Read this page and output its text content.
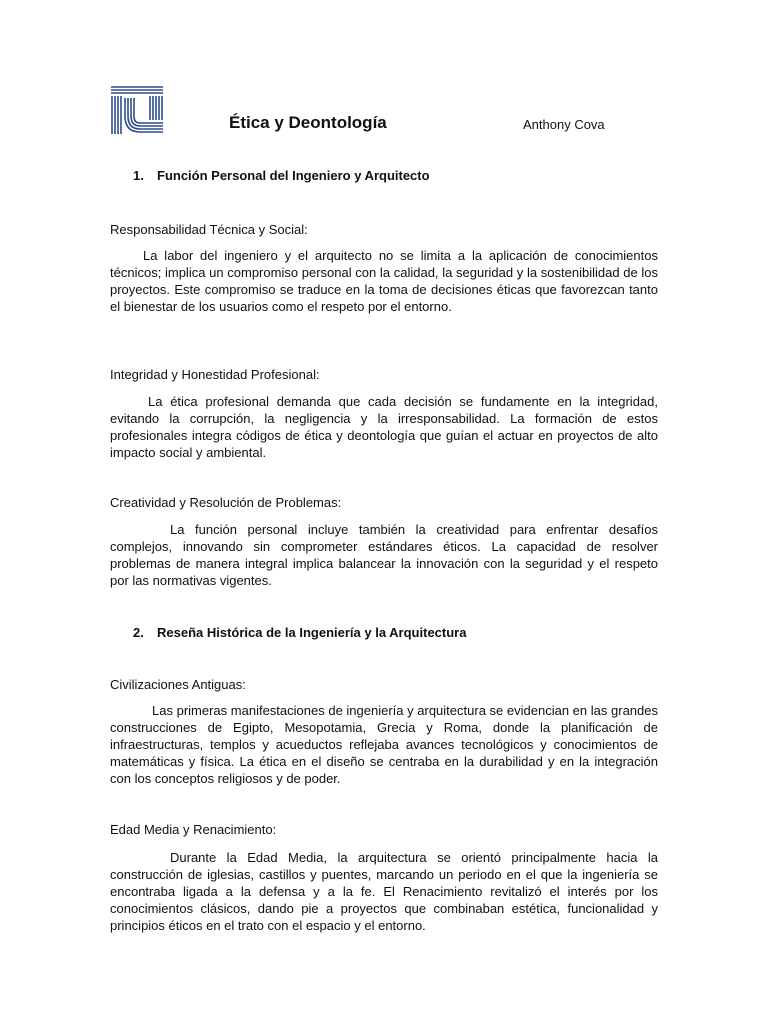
Ética y Deontología	Anthony Cova
1. Función Personal del Ingeniero y Arquitecto
Responsabilidad Técnica y Social:
La labor del ingeniero y el arquitecto no se limita a la aplicación de conocimientos técnicos; implica un compromiso personal con la calidad, la seguridad y la sostenibilidad de los proyectos. Este compromiso se traduce en la toma de decisiones éticas que favorezcan tanto el bienestar de los usuarios como el respeto por el entorno.
Integridad y Honestidad Profesional:
La ética profesional demanda que cada decisión se fundamente en la integridad, evitando la corrupción, la negligencia y la irresponsabilidad. La formación de estos profesionales integra códigos de ética y deontología que guían el actuar en proyectos de alto impacto social y ambiental.
Creatividad y Resolución de Problemas:
La función personal incluye también la creatividad para enfrentar desafíos complejos, innovando sin comprometer estándares éticos. La capacidad de resolver problemas de manera integral implica balancear la innovación con la seguridad y el respeto por las normativas vigentes.
2. Reseña Histórica de la Ingeniería y la Arquitectura
Civilizaciones Antiguas:
Las primeras manifestaciones de ingeniería y arquitectura se evidencian en las grandes construcciones de Egipto, Mesopotamia, Grecia y Roma, donde la planificación de infraestructuras, templos y acueductos reflejaba avances tecnológicos y conocimientos de matemáticas y física. La ética en el diseño se centraba en la durabilidad y en la integración con los conceptos religiosos y de poder.
Edad Media y Renacimiento:
Durante la Edad Media, la arquitectura se orientó principalmente hacia la construcción de iglesias, castillos y puentes, marcando un periodo en el que la ingeniería se encontraba ligada a la defensa y a la fe. El Renacimiento revitalizó el interés por los conocimientos clásicos, dando pie a proyectos que combinaban estética, funcionalidad y principios éticos en el trato con el espacio y el entorno.
